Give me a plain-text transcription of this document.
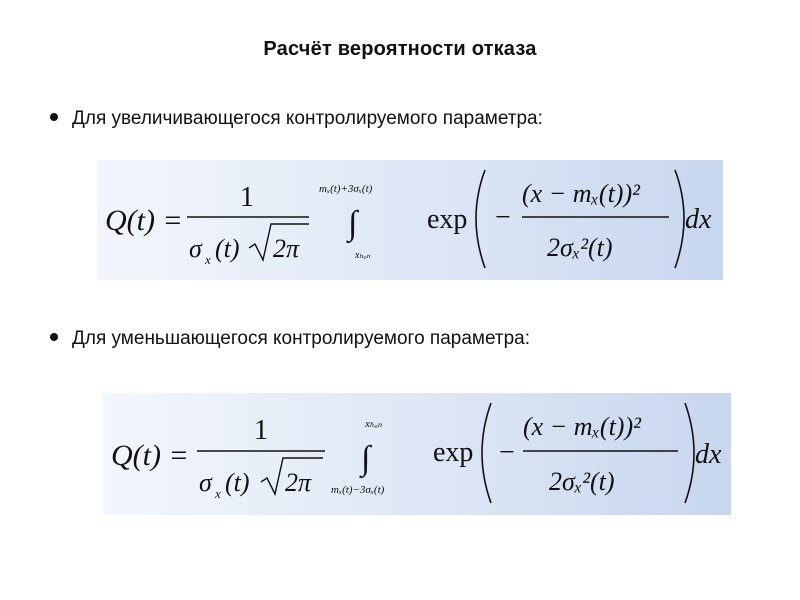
Расчёт вероятности отказа
Для увеличивающегося контролируемого параметра:
Q(t) =
1
σ x (t) 2π
mₓ(t)+3σₓ(t)
∫
xₕₒₙ
exp −
(x − mₓ(t))²
2σₓ²(t)
dx
Для уменьшающегося контролируемого параметра:
Q(t) =
1
σ x (t) 2π
xₕₒₙ
∫
mₓ(t)−3σₓ(t)
exp −
(x − mₓ(t))²
2σₓ²(t)
dx
